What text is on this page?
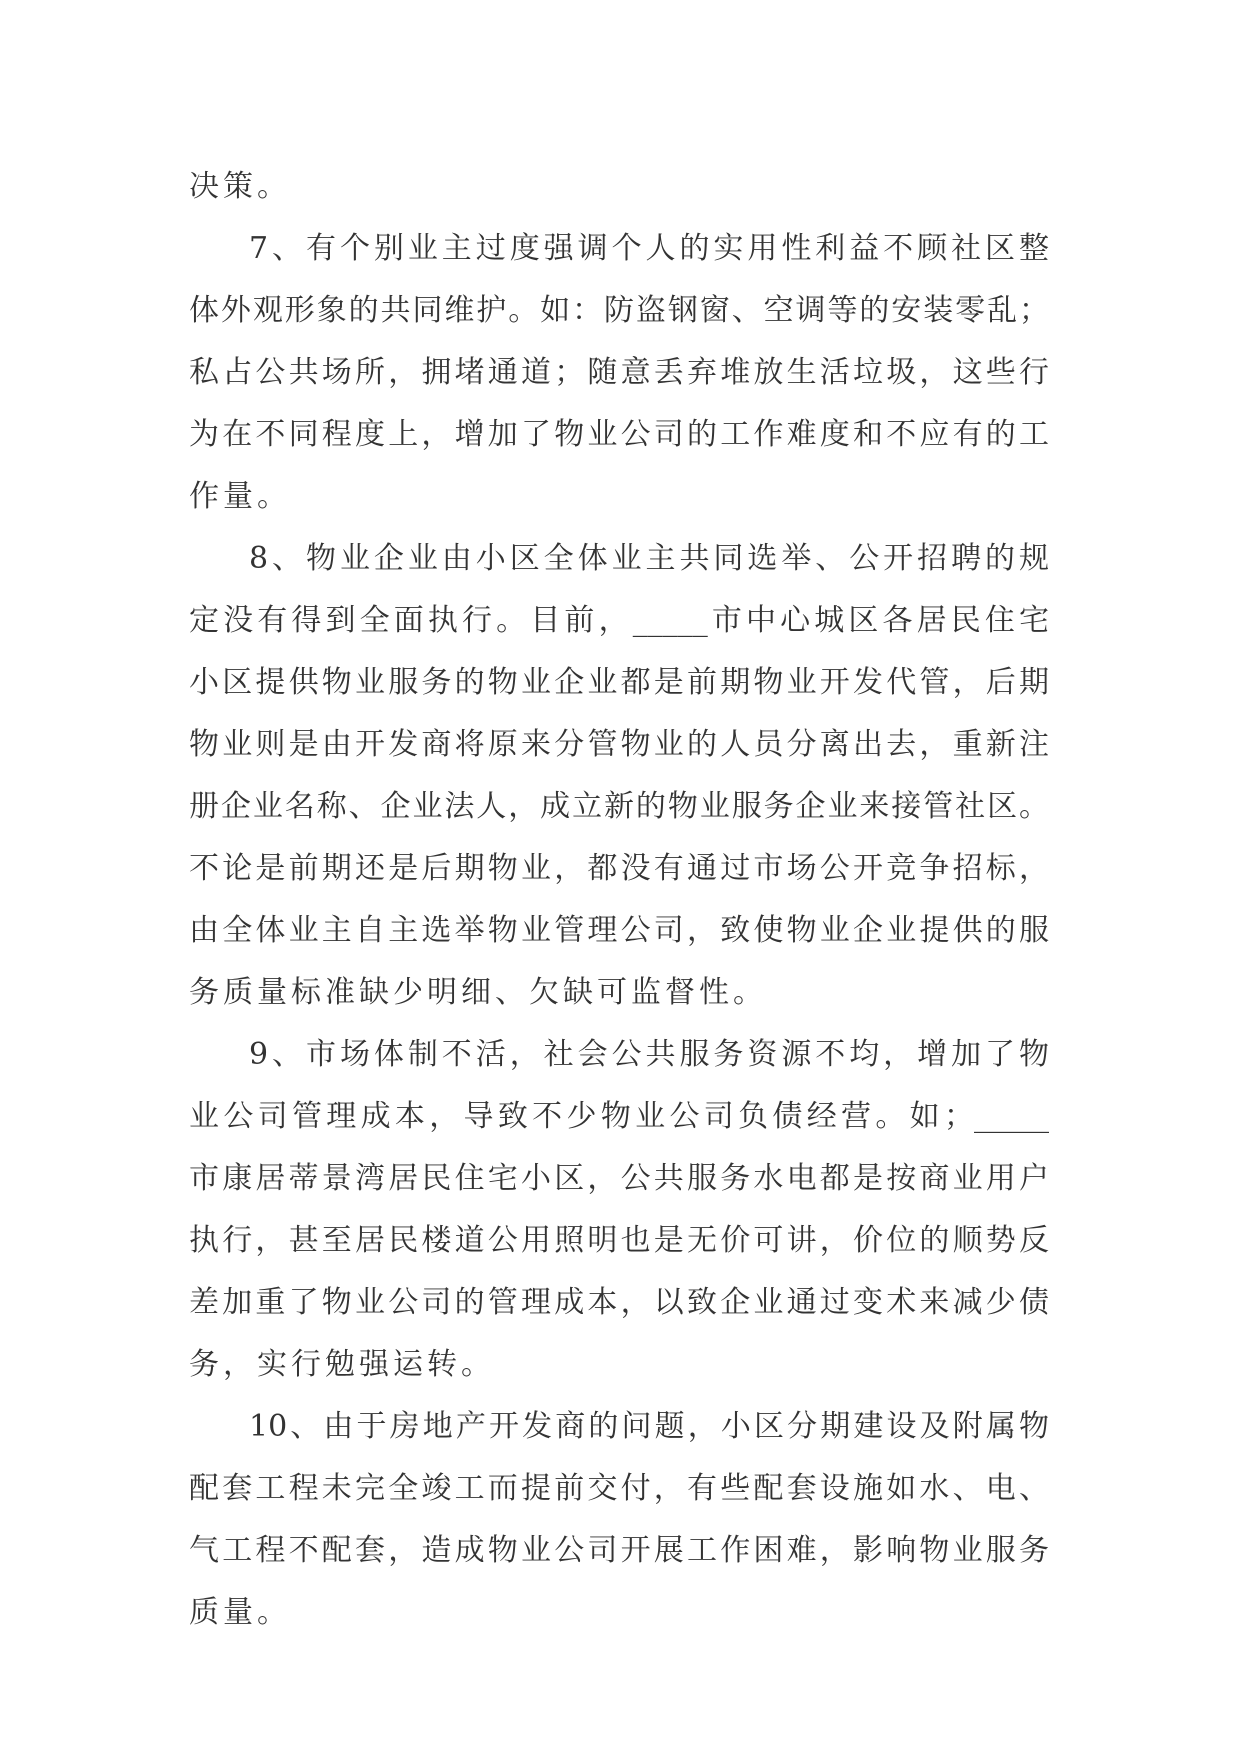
决策。
7、有个别业主过度强调个人的实用性利益不顾社区整
体外观形象的共同维护。如：防盗钢窗、空调等的安装零乱；
私占公共场所，拥堵通道；随意丢弃堆放生活垃圾，这些行
为在不同程度上，增加了物业公司的工作难度和不应有的工
作量。
8、物业企业由小区全体业主共同选举、公开招聘的规
定没有得到全面执行。目前，_____市中心城区各居民住宅
小区提供物业服务的物业企业都是前期物业开发代管，后期
物业则是由开发商将原来分管物业的人员分离出去，重新注
册企业名称、企业法人，成立新的物业服务企业来接管社区。
不论是前期还是后期物业，都没有通过市场公开竞争招标，
由全体业主自主选举物业管理公司，致使物业企业提供的服
务质量标准缺少明细、欠缺可监督性。
9、市场体制不活，社会公共服务资源不均，增加了物
业公司管理成本，导致不少物业公司负债经营。如；_____
市康居蒂景湾居民住宅小区，公共服务水电都是按商业用户
执行，甚至居民楼道公用照明也是无价可讲，价位的顺势反
差加重了物业公司的管理成本，以致企业通过变术来减少债
务，实行勉强运转。
10、由于房地产开发商的问题，小区分期建设及附属物
配套工程未完全竣工而提前交付，有些配套设施如水、电、
气工程不配套，造成物业公司开展工作困难，影响物业服务
质量。
